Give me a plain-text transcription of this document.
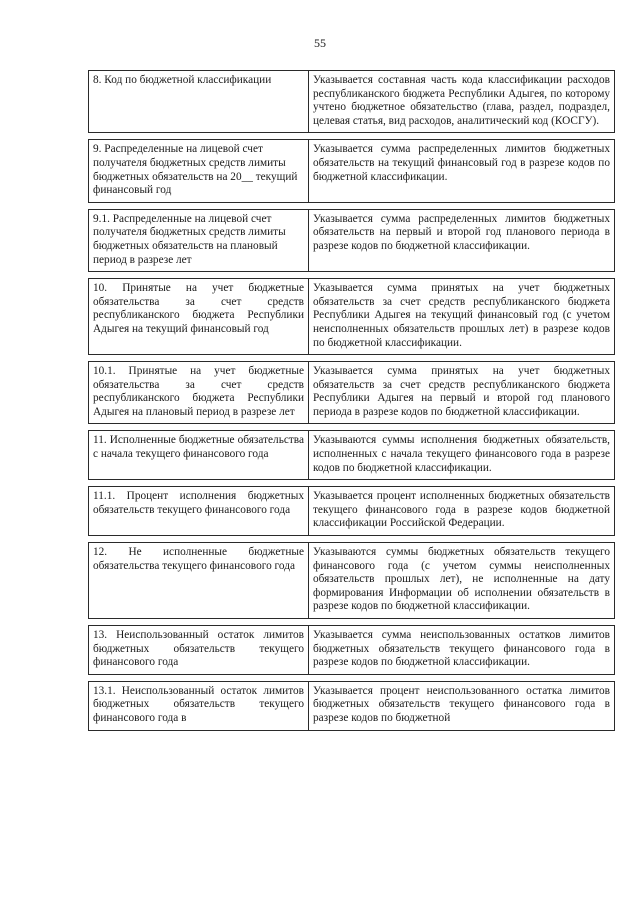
55
8. Код по бюджетной классификации	Указывается составная часть кода классификации расходов республиканского бюджета Республики Адыгея, по которому учтено бюджетное обязательство (глава, раздел, подраздел, целевая статья, вид расходов, аналитический код (КОСГУ).

9. Распределенные на лицевой счет получателя бюджетных средств лимиты бюджетных обязательств на 20__ текущий финансовый год	Указывается сумма распределенных лимитов бюджетных обязательств на текущий финансовый год в разрезе кодов по бюджетной классификации.

9.1. Распределенные на лицевой счет получателя бюджетных средств лимиты бюджетных обязательств на плановый период в разрезе лет	Указывается сумма распределенных лимитов бюджетных обязательств на первый и второй год планового периода в разрезе кодов по бюджетной классификации.

10. Принятые на учет бюджетные обязательства за счет средств республиканского бюджета Республики Адыгея на текущий финансовый год	Указывается сумма принятых на учет бюджетных обязательств за счет средств республиканского бюджета Республики Адыгея на текущий финансовый год (с учетом неисполненных обязательств прошлых лет) в разрезе кодов по бюджетной классификации.

10.1. Принятые на учет бюджетные обязательства за счет средств республиканского бюджета Республики Адыгея на плановый период в разрезе лет	Указывается сумма принятых на учет бюджетных обязательств за счет средств республиканского бюджета Республики Адыгея на первый и второй год планового периода в разрезе кодов по бюджетной классификации.

11. Исполненные бюджетные обязательства с начала текущего финансового года	Указываются суммы исполнения бюджетных обязательств, исполненных с начала текущего финансового года в разрезе кодов по бюджетной классификации.

11.1. Процент исполнения бюджетных обязательств текущего финансового года	Указывается процент исполненных бюджетных обязательств текущего финансового года в разрезе кодов бюджетной классификации Российской Федерации.

12. Не исполненные бюджетные обязательства текущего финансового года	Указываются суммы бюджетных обязательств текущего финансового года (с учетом суммы неисполненных обязательств прошлых лет), не исполненные на дату формирования Информации об исполнении обязательств в разрезе кодов по бюджетной классификации.

13. Неиспользованный остаток лимитов бюджетных обязательств текущего финансового года	Указывается сумма неиспользованных остатков лимитов бюджетных обязательств текущего финансового года в разрезе кодов по бюджетной классификации.

13.1. Неиспользованный остаток лимитов бюджетных обязательств текущего финансового года в	Указывается процент неиспользованного остатка лимитов бюджетных обязательств текущего финансового года в разрезе кодов по бюджетной
